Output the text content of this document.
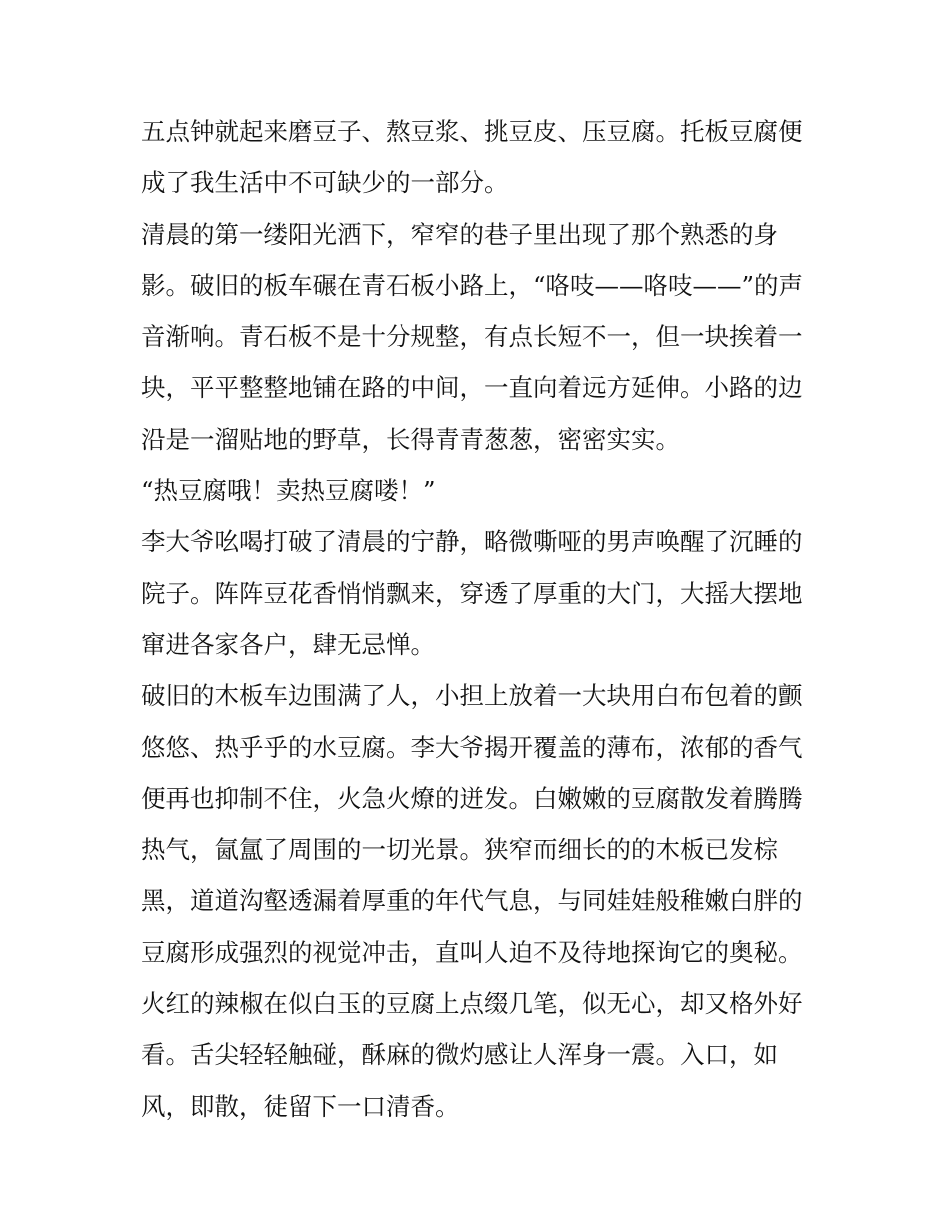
五点钟就起来磨豆子、熬豆浆、挑豆皮、压豆腐。托板豆腐便
成了我生活中不可缺少的一部分。
清晨的第一缕阳光洒下，窄窄的巷子里出现了那个熟悉的身
影。破旧的板车碾在青石板小路上，“咯吱——咯吱——”的声
音渐响。青石板不是十分规整，有点长短不一，但一块挨着一
块，平平整整地铺在路的中间，一直向着远方延伸。小路的边
沿是一溜贴地的野草，长得青青葱葱，密密实实。
“热豆腐哦！卖热豆腐喽！”
李大爷吆喝打破了清晨的宁静，略微嘶哑的男声唤醒了沉睡的
院子。阵阵豆花香悄悄飘来，穿透了厚重的大门，大摇大摆地
窜进各家各户，肆无忌惮。
破旧的木板车边围满了人，小担上放着一大块用白布包着的颤
悠悠、热乎乎的水豆腐。李大爷揭开覆盖的薄布，浓郁的香气
便再也抑制不住，火急火燎的迸发。白嫩嫩的豆腐散发着腾腾
热气，氤氲了周围的一切光景。狭窄而细长的的木板已发棕
黑，道道沟壑透漏着厚重的年代气息，与同娃娃般稚嫩白胖的
豆腐形成强烈的视觉冲击，直叫人迫不及待地探询它的奥秘。
火红的辣椒在似白玉的豆腐上点缀几笔，似无心，却又格外好
看。舌尖轻轻触碰，酥麻的微灼感让人浑身一震。入口，如
风，即散，徒留下一口清香。
